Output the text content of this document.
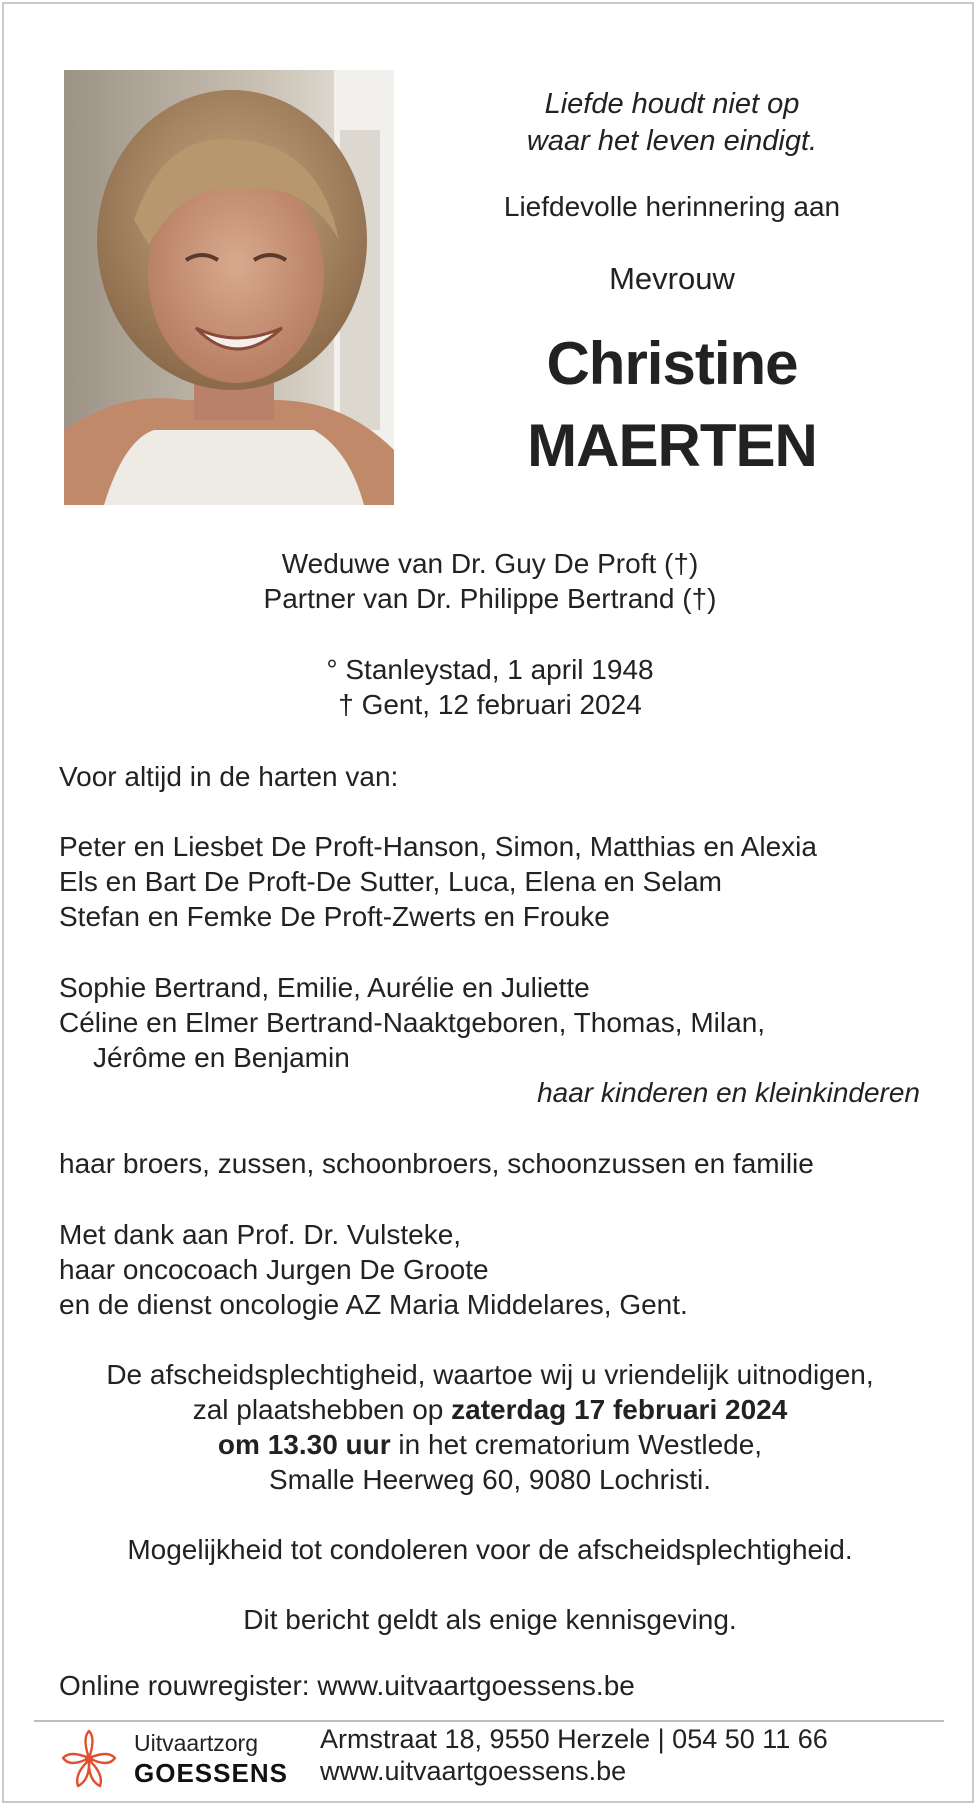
Liefde houdt niet op
waar het leven eindigt.
Liefdevolle herinnering aan
Mevrouw
Christine
MAERTEN
Weduwe van Dr. Guy De Proft (†)
Partner van Dr. Philippe Bertrand (†)
° Stanleystad, 1 april 1948
† Gent, 12 februari 2024
Voor altijd in de harten van:
Peter en Liesbet De Proft-Hanson, Simon, Matthias en Alexia
Els en Bart De Proft-De Sutter, Luca, Elena en Selam
Stefan en Femke De Proft-Zwerts en Frouke
Sophie Bertrand, Emilie, Aurélie en Juliette
Céline en Elmer Bertrand-Naaktgeboren, Thomas, Milan,
Jérôme en Benjamin
haar kinderen en kleinkinderen
haar broers, zussen, schoonbroers, schoonzussen en familie
Met dank aan Prof. Dr. Vulsteke,
haar oncocoach Jurgen De Groote
en de dienst oncologie AZ Maria Middelares, Gent.
De afscheidsplechtigheid, waartoe wij u vriendelijk uitnodigen,
zal plaatshebben op zaterdag 17 februari 2024
om 13.30 uur in het crematorium Westlede,
Smalle Heerweg 60, 9080 Lochristi.
Mogelijkheid tot condoleren voor de afscheidsplechtigheid.
Dit bericht geldt als enige kennisgeving.
Online rouwregister: www.uitvaartgoessens.be
Uitvaartzorg
GOESSENS
Armstraat 18, 9550 Herzele | 054 50 11 66
www.uitvaartgoessens.be
